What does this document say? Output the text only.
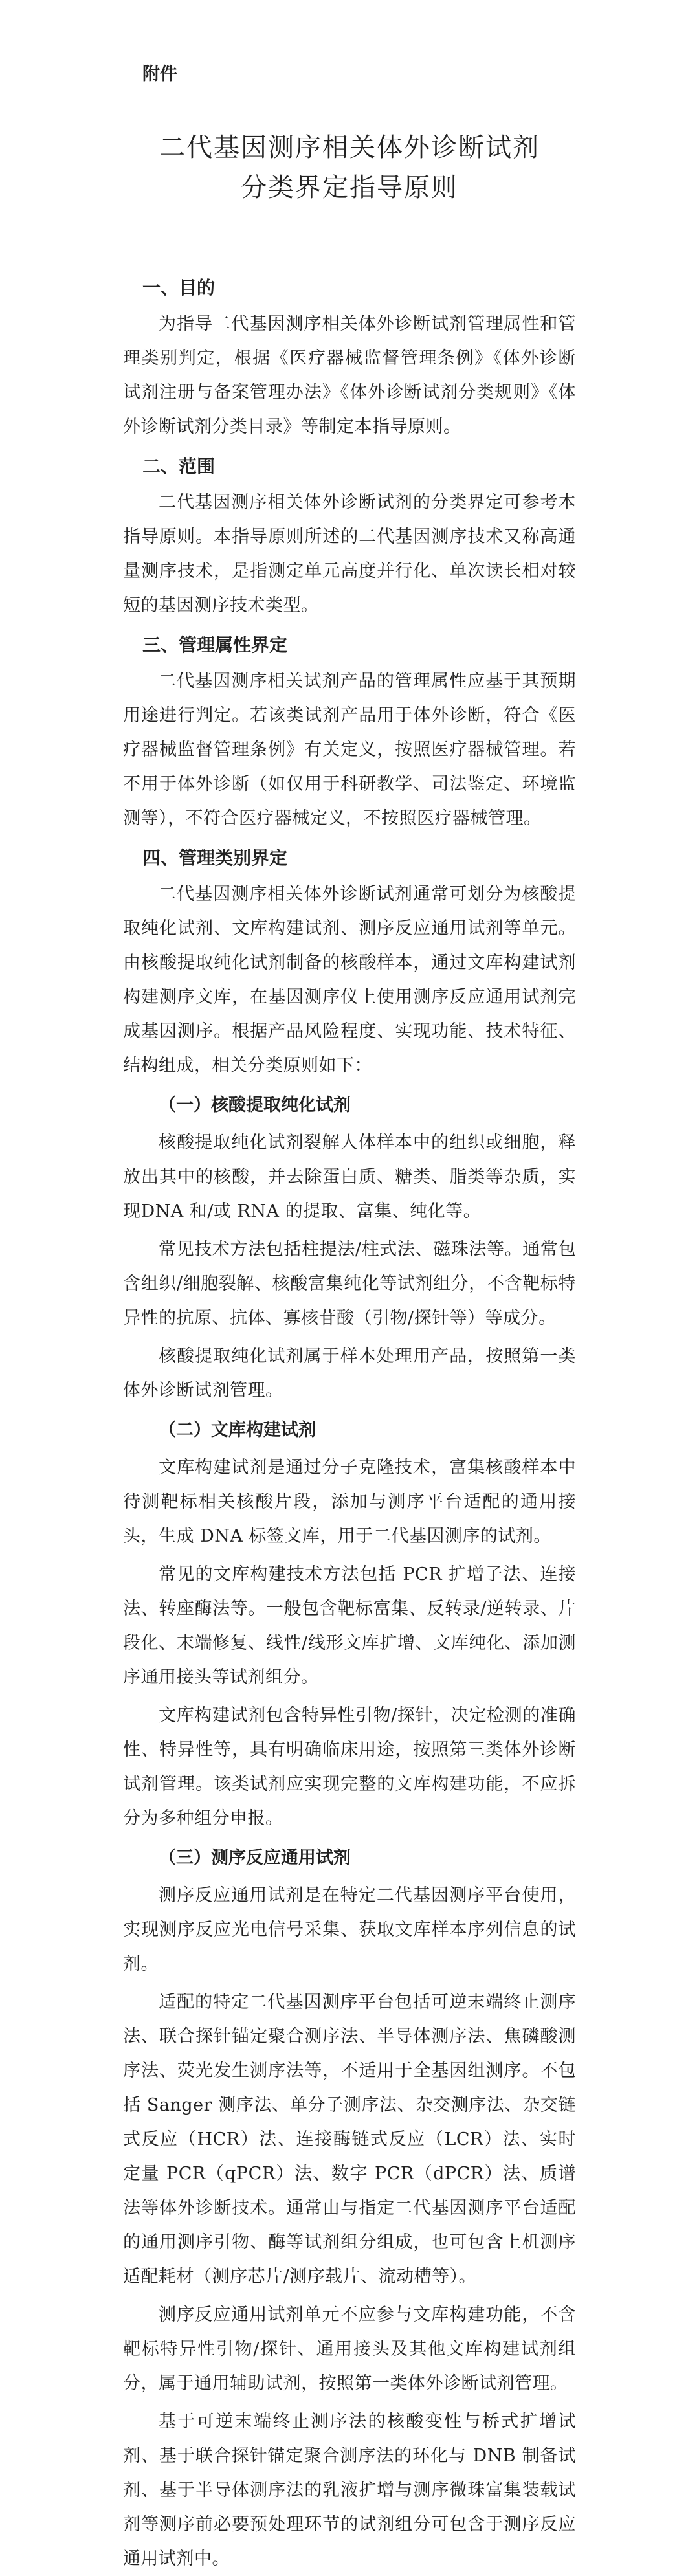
附件
二代基因测序相关体外诊断试剂
分类界定指导原则
一、目的

为指导二代基因测序相关体外诊断试剂管理属性和管理类别判定，根据《医疗器械监督管理条例》《体外诊断试剂注册与备案管理办法》《体外诊断试剂分类规则》《体外诊断试剂分类目录》等制定本指导原则。

二、范围

二代基因测序相关体外诊断试剂的分类界定可参考本指导原则。本指导原则所述的二代基因测序技术又称高通量测序技术，是指测定单元高度并行化、单次读长相对较短的基因测序技术类型。

三、管理属性界定

二代基因测序相关试剂产品的管理属性应基于其预期用途进行判定。若该类试剂产品用于体外诊断，符合《医疗器械监督管理条例》有关定义，按照医疗器械管理。若不用于体外诊断（如仅用于科研教学、司法鉴定、环境监测等），不符合医疗器械定义，不按照医疗器械管理。

四、管理类别界定

二代基因测序相关体外诊断试剂通常可划分为核酸提取纯化试剂、文库构建试剂、测序反应通用试剂等单元。由核酸提取纯化试剂制备的核酸样本，通过文库构建试剂构建测序文库，在基因测序仪上使用测序反应通用试剂完成基因测序。根据产品风险程度、实现功能、技术特征、结构组成，相关分类原则如下：

（一）核酸提取纯化试剂

核酸提取纯化试剂裂解人体样本中的组织或细胞，释放出其中的核酸，并去除蛋白质、糖类、脂类等杂质，实现DNA 和/或 RNA 的提取、富集、纯化等。

常见技术方法包括柱提法/柱式法、磁珠法等。通常包含组织/细胞裂解、核酸富集纯化等试剂组分，不含靶标特异性的抗原、抗体、寡核苷酸（引物/探针等）等成分。

核酸提取纯化试剂属于样本处理用产品，按照第一类体外诊断试剂管理。

（二）文库构建试剂

文库构建试剂是通过分子克隆技术，富集核酸样本中待测靶标相关核酸片段，添加与测序平台适配的通用接头，生成 DNA 标签文库，用于二代基因测序的试剂。

常见的文库构建技术方法包括 PCR 扩增子法、连接法、转座酶法等。一般包含靶标富集、反转录/逆转录、片段化、末端修复、线性/线形文库扩增、文库纯化、添加测序通用接头等试剂组分。

文库构建试剂包含特异性引物/探针，决定检测的准确性、特异性等，具有明确临床用途，按照第三类体外诊断试剂管理。该类试剂应实现完整的文库构建功能，不应拆分为多种组分申报。

（三）测序反应通用试剂

测序反应通用试剂是在特定二代基因测序平台使用，实现测序反应光电信号采集、获取文库样本序列信息的试剂。

适配的特定二代基因测序平台包括可逆末端终止测序法、联合探针锚定聚合测序法、半导体测序法、焦磷酸测序法、荧光发生测序法等，不适用于全基因组测序。不包括 Sanger 测序法、单分子测序法、杂交测序法、杂交链式反应（HCR）法、连接酶链式反应（LCR）法、实时定量 PCR（qPCR）法、数字 PCR（dPCR）法、质谱法等体外诊断技术。通常由与指定二代基因测序平台适配的通用测序引物、酶等试剂组分组成，也可包含上机测序适配耗材（测序芯片/测序载片、流动槽等）。

测序反应通用试剂单元不应参与文库构建功能，不含靶标特异性引物/探针、通用接头及其他文库构建试剂组分，属于通用辅助试剂，按照第一类体外诊断试剂管理。

基于可逆末端终止测序法的核酸变性与桥式扩增试剂、基于联合探针锚定聚合测序法的环化与 DNB 制备试剂、基于半导体测序法的乳液扩增与测序微珠富集装载试剂等测序前必要预处理环节的试剂组分可包含于测序反应通用试剂中。
